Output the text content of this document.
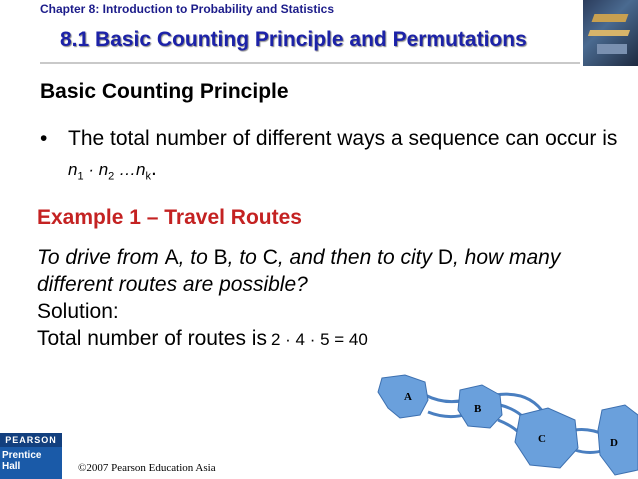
Chapter 8: Introduction to Probability and Statistics
8.1 Basic Counting Principle and Permutations
Basic Counting Principle
• The total number of different ways a sequence can occur is $n_1 \cdot n_2$ $\dots n_k$.
Example 1 – Travel Routes
To drive from A, to B, to C, and then to city D, how many different routes are possible?
Solution:
Total number of routes is 2 · 4 · 5 = 40
A
B
C	D
PEARSON
Prentice
Hall	©2007 Pearson Education Asia
